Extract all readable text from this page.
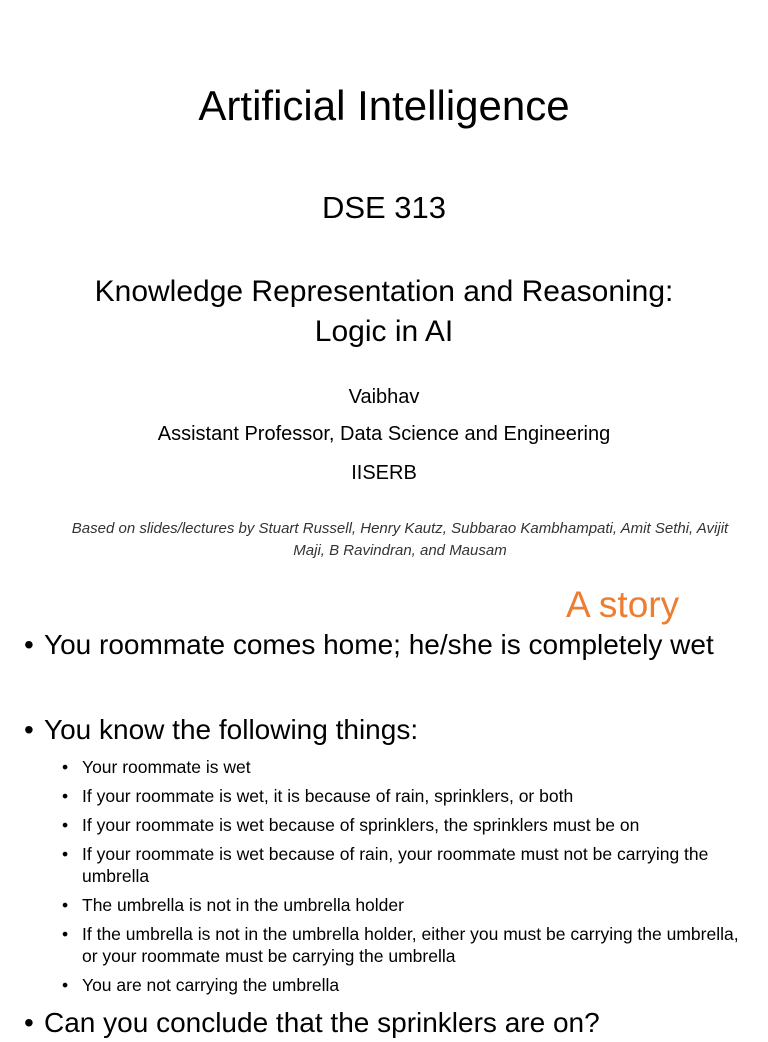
Artificial Intelligence
DSE 313
Knowledge Representation and Reasoning:
Logic in AI
Vaibhav
Assistant Professor, Data Science and Engineering
IISERB
Based on slides/lectures by Stuart Russell, Henry Kautz, Subbarao Kambhampati, Amit Sethi, Avijit Maji, B Ravindran, and Mausam
A story
• You roommate comes home; he/she is completely wet
• You know the following things:
• Your roommate is wet
• If your roommate is wet, it is because of rain, sprinklers, or both
• If your roommate is wet because of sprinklers, the sprinklers must be on
• If your roommate is wet because of rain, your roommate must not be carrying the umbrella
• The umbrella is not in the umbrella holder
• If the umbrella is not in the umbrella holder, either you must be carrying the umbrella, or your roommate must be carrying the umbrella
• You are not carrying the umbrella
• Can you conclude that the sprinklers are on?
